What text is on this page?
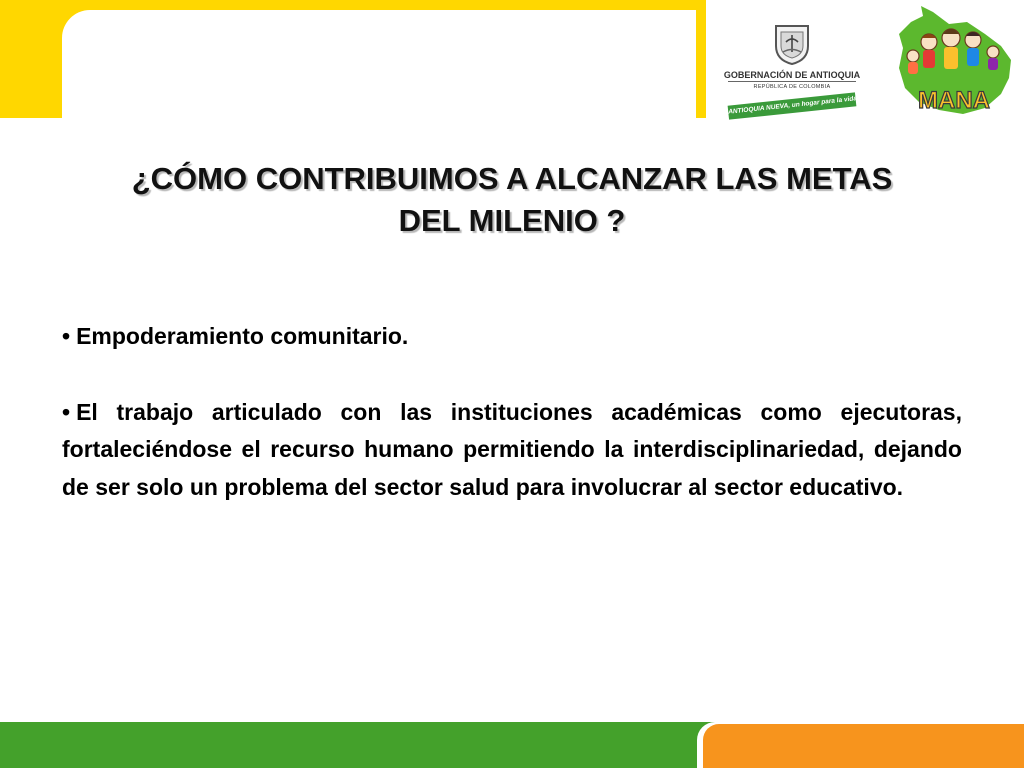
GOBERNACIÓN DE ANTIOQUIA
REPÚBLICA DE COLOMBIA
ANTIOQUIA NUEVA, un hogar para la vida	MANA
¿CÓMO CONTRIBUIMOS A ALCANZAR LAS METAS
DEL MILENIO ?

• Empoderamiento comunitario.

• El trabajo articulado con las instituciones académicas como ejecutoras, fortaleciéndose el recurso humano permitiendo la interdisciplinariedad, dejando de ser solo un problema del sector salud para involucrar al sector educativo.
